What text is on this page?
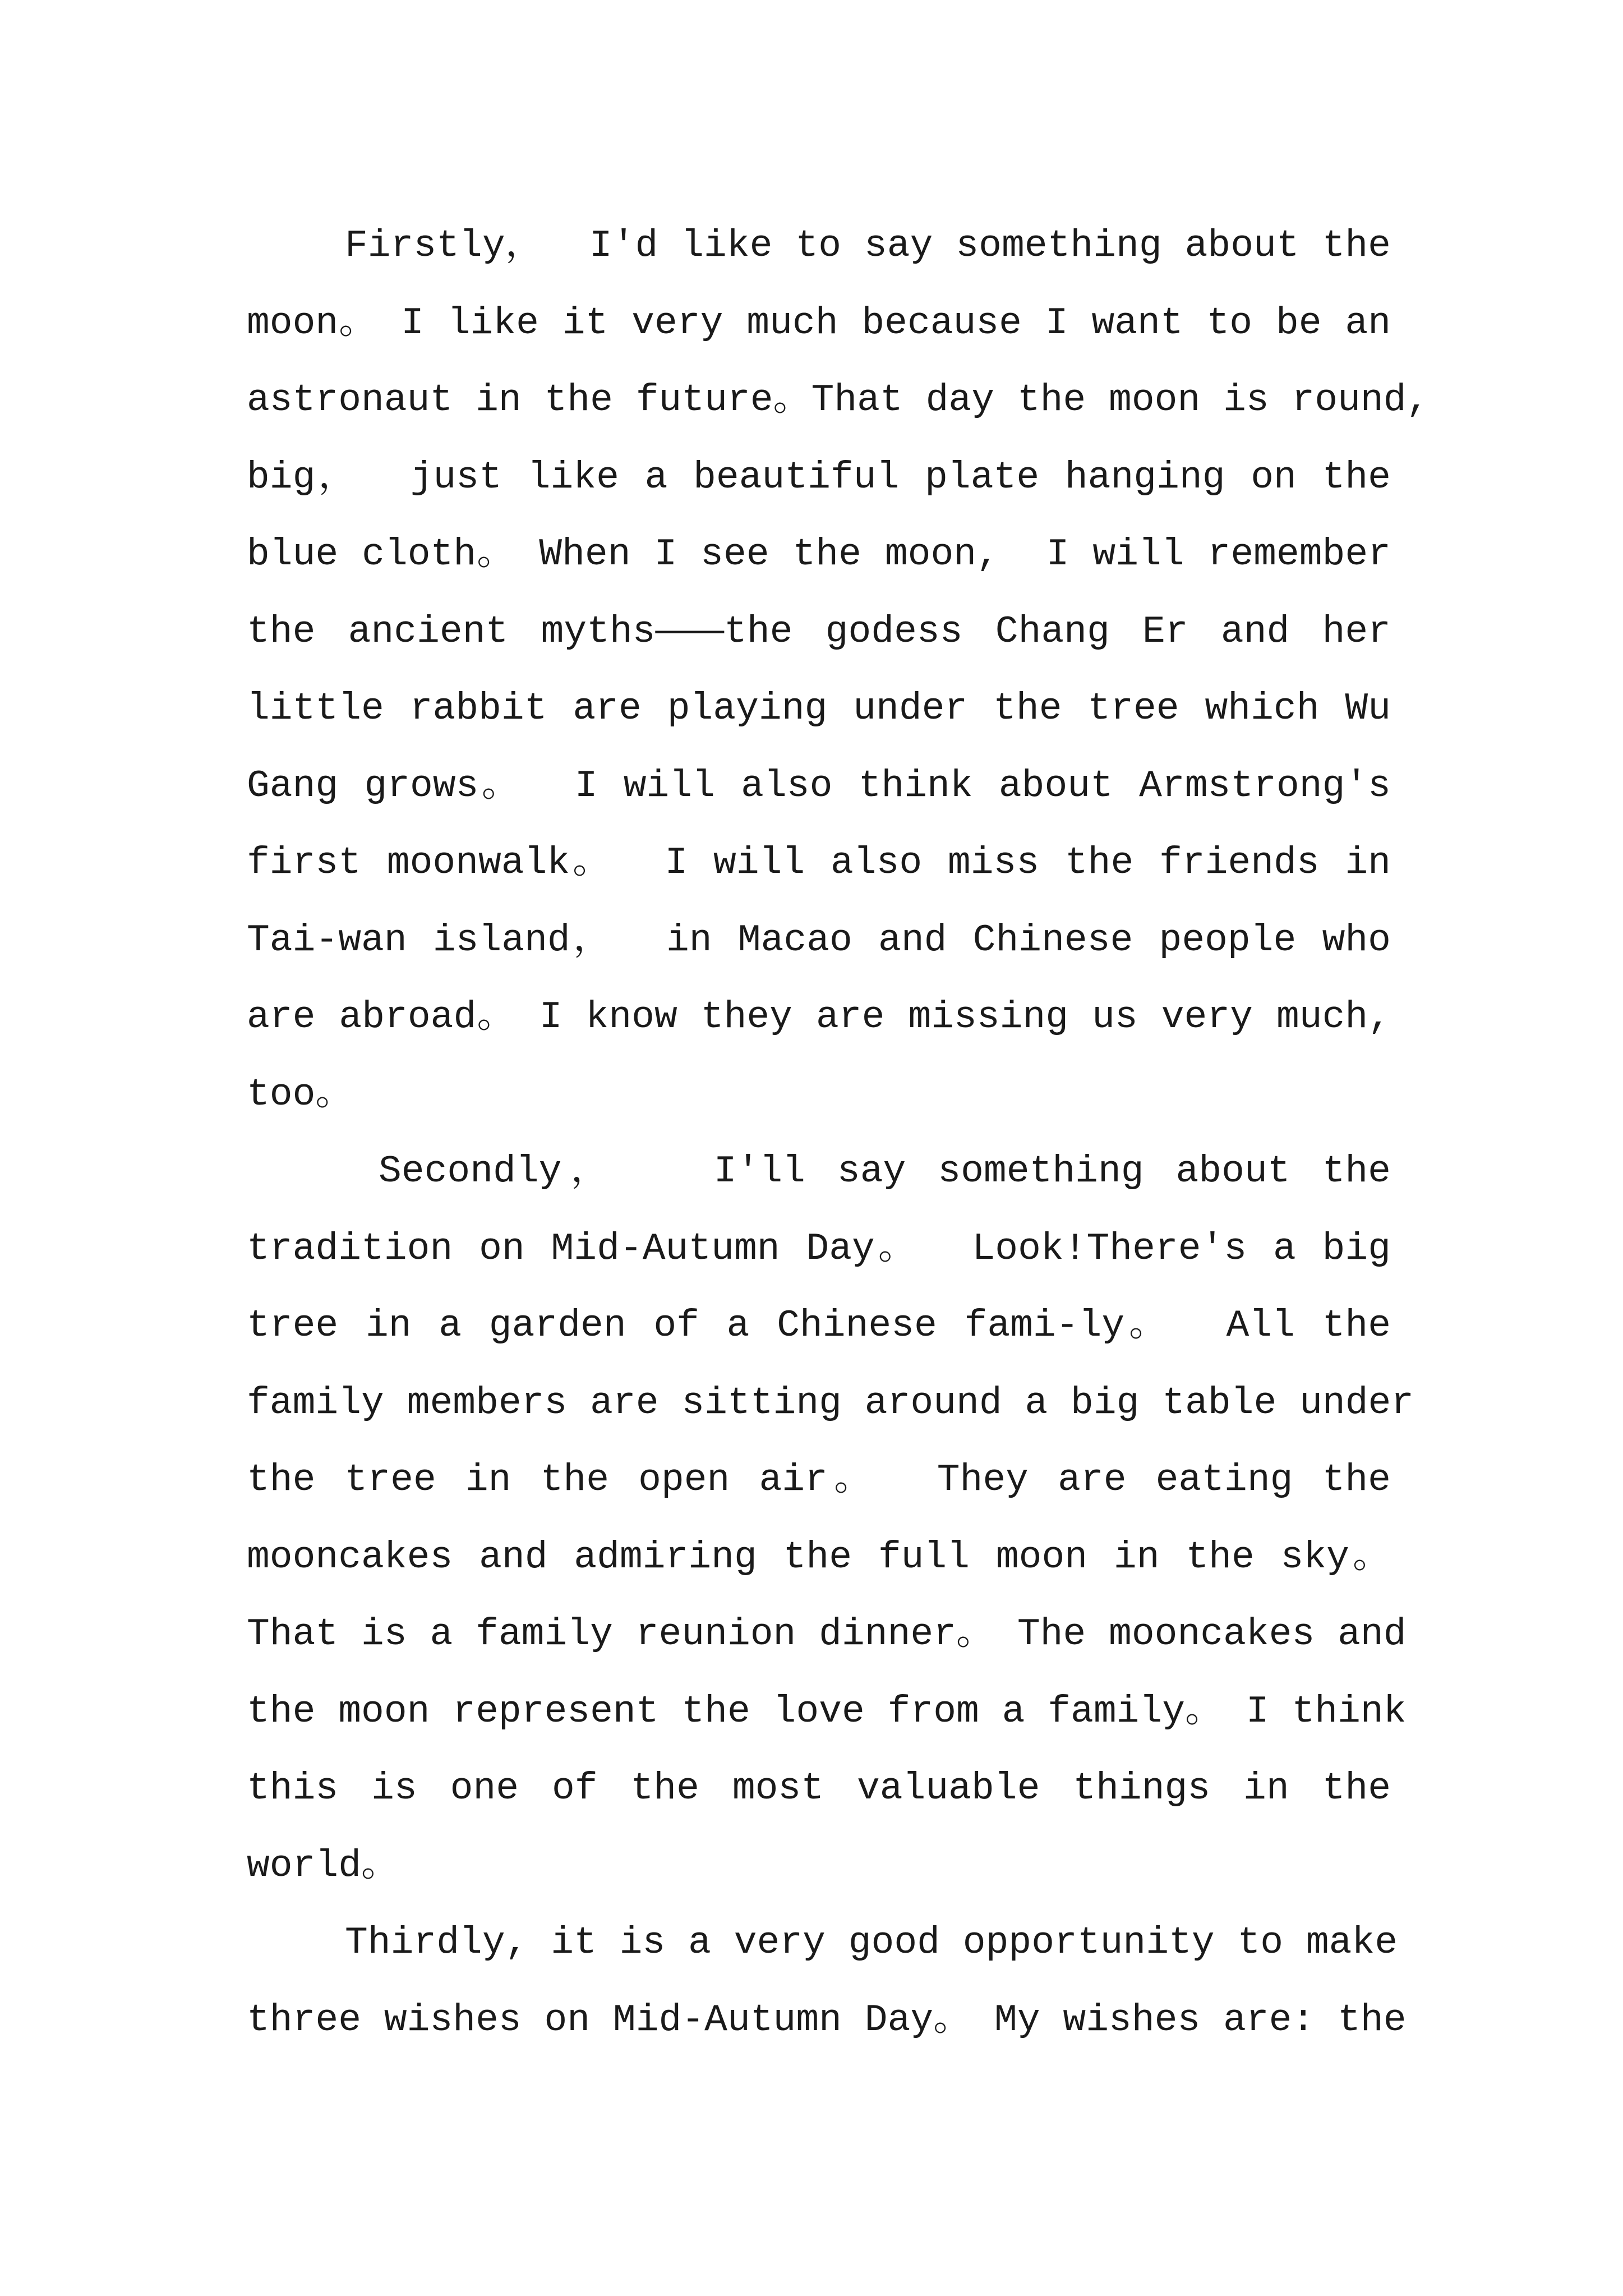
Firstly，  I'd like to say something about the
moon。 I like it very much because I want to be an
astronaut in the future。That day the moon is round,
big，  just like a beautiful plate hanging on the
blue cloth。 When I see the moon,  I will remember
the ancient myths———the godess Chang Er and her
little rabbit are playing under the tree which Wu
Gang grows。  I will also think about Armstrong's
first moonwalk。  I will also miss the friends in
Tai-wan island，  in Macao and Chinese people who
are abroad。 I know they are missing us very much,
too。
Secondly，   I'll say something about the
tradition on Mid-Autumn Day。  Look!There's a big
tree in a garden of a Chinese fami-ly。  All the
family members are sitting around a big table under
the tree in the open air。  They are eating the
mooncakes and admiring the full moon in the sky。
That is a family reunion dinner。 The mooncakes and
the moon represent the love from a family。 I think
this is one of the most valuable things in the
world。
Thirdly, it is a very good opportunity to make
three wishes on Mid-Autumn Day。 My wishes are: the
